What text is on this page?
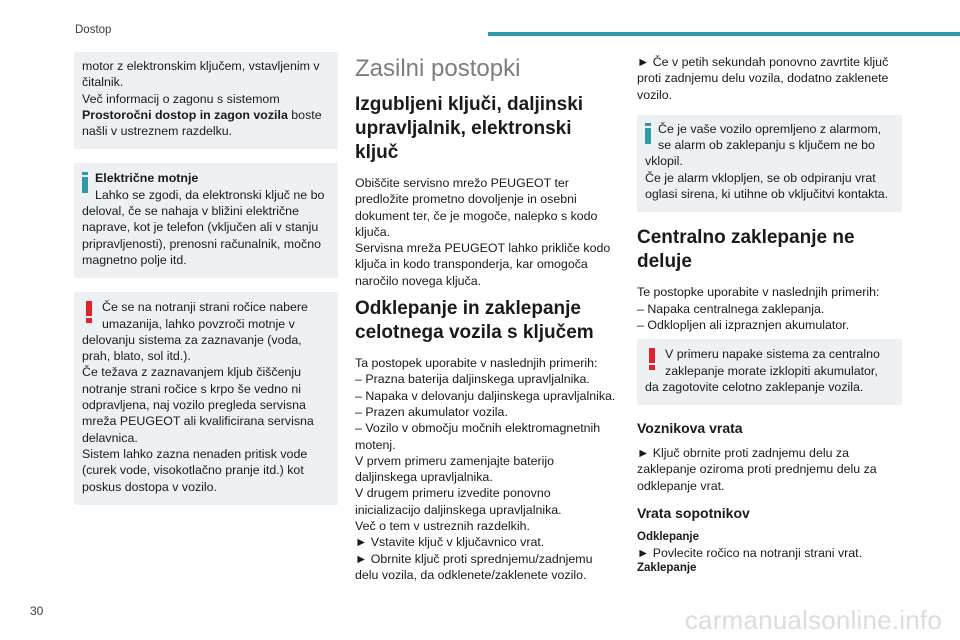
Dostop

motor z elektronskim ključem, vstavljenim v čitalnik.

Več informacij o zagonu s sistemom
Prostoročni dostop in zagon vozila boste našli v ustreznem razdelku.

Električne motnje

Lahko se zgodi, da elektronski ključ ne bo deloval, če se nahaja v bližini električne naprave, kot je telefon (vključen ali v stanju pripravljenosti), prenosni računalnik, močno magnetno polje itd.

Če se na notranji strani ročice nabere umazanija, lahko povzroči motnje v delovanju sistema za zaznavanje (voda, prah, blato, sol itd.).

Če težava z zaznavanjem kljub čiščenju notranje strani ročice s krpo še vedno ni odpravljena, naj vozilo pregleda servisna mreža PEUGEOT ali kvalificirana servisna delavnica.

Sistem lahko zazna nenaden pritisk vode (curek vode, visokotlačno pranje itd.) kot poskus dostopa v vozilo.

Zasilni postopki
Izgubljeni ključi, daljinski upravljalnik, elektronski ključ

Obiščite servisno mrežo PEUGEOT ter predložite prometno dovoljenje in osebni dokument ter, če je mogoče, nalepko s kodo ključa.

Servisna mreža PEUGEOT lahko prikliče kodo ključa in kodo transponderja, kar omogoča naročilo novega ključa.

Odklepanje in zaklepanje celotnega vozila s ključem

Ta postopek uporabite v naslednjih primerih:

– Prazna baterija daljinskega upravljalnika.

– Napaka v delovanju daljinskega upravljalnika.

– Prazen akumulator vozila.

– Vozilo v območju močnih elektromagnetnih motenj.

V prvem primeru zamenjajte baterijo daljinskega upravljalnika.

V drugem primeru izvedite ponovno inicializacijo daljinskega upravljalnika.

Več o tem v ustreznih razdelkih.

► Vstavite ključ v ključavnico vrat.

► Obrnite ključ proti sprednjemu/zadnjemu delu vozila, da odklenete/zaklenete vozilo.

► Če v petih sekundah ponovno zavrtite ključ proti zadnjemu delu vozila, dodatno zaklenete vozilo.

Če je vaše vozilo opremljeno z alarmom, se alarm ob zaklepanju s ključem ne bo vklopil.

Če je alarm vklopljen, se ob odpiranju vrat oglasi sirena, ki utihne ob vključitvi kontakta.

Centralno zaklepanje ne deluje

Te postopke uporabite v naslednjih primerih:

– Napaka centralnega zaklepanja.

– Odklopljen ali izpraznjen akumulator.

V primeru napake sistema za centralno zaklepanje morate izklopiti akumulator, da zagotovite celotno zaklepanje vozila.

Voznikova vrata

► Ključ obrnite proti zadnjemu delu za zaklepanje oziroma proti prednjemu delu za odklepanje vrat.

Vrata sopotnikov
Odklepanje

► Povlecite ročico na notranji strani vrat.

Zaklepanje
30	carmanualsonline.info
